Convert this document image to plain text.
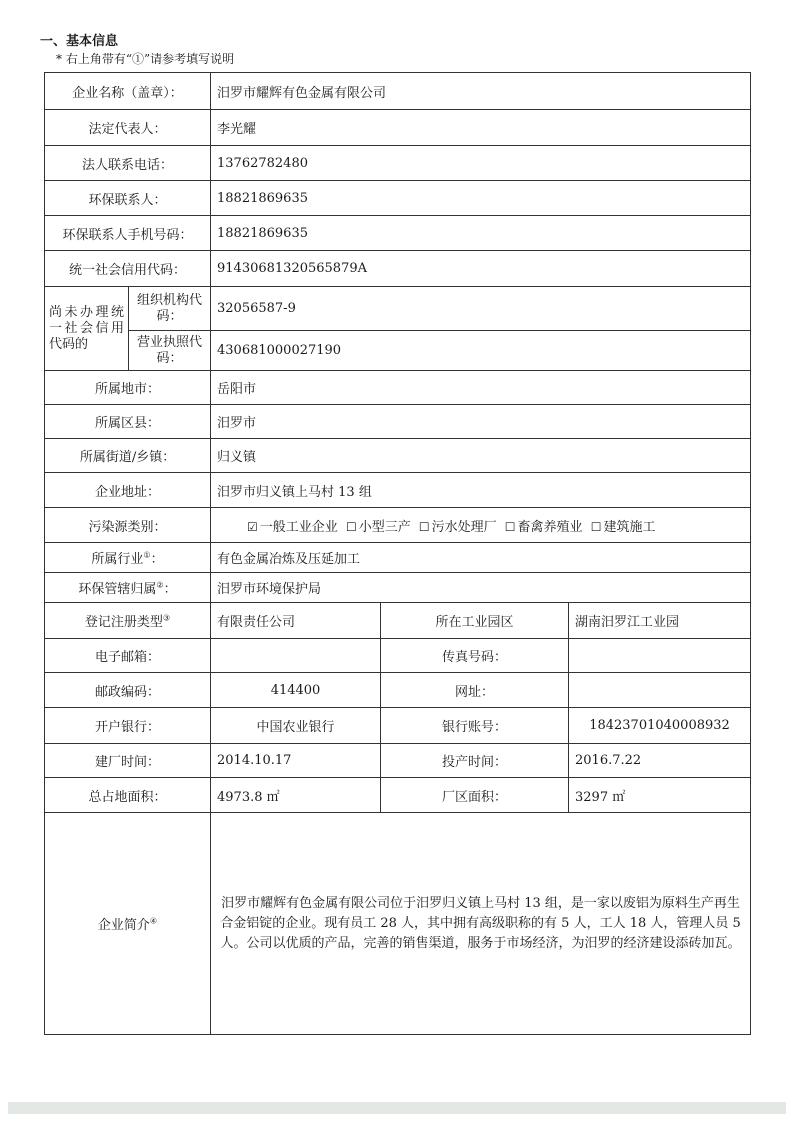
一、基本信息
* 右上角带有“①”请参考填写说明
企业名称（盖章）：		汨罗市耀辉有色金属有限公司		
法定代表人：		李光耀		
法人联系电话：		13762782480		
环保联系人：		18821869635		
环保联系人手机号码：		18821869635		
统一社会信用代码：		91430681320565879A		
尚未办理统一社会信用代码的	组织机构代码：	32056587-9		
	营业执照代码：	430681000027190		
所属地市：		岳阳市		
所属区县：		汨罗市		
所属街道/乡镇：		归义镇		
企业地址：		汨罗市归义镇上马村 13 组		
污染源类别：		☑ 一般工业企业 ☐ 小型三产 ☐ 污水处理厂 ☐ 畜禽养殖业 ☐ 建筑施工		
所属行业①：		有色金属冶炼及压延加工		
环保管辖归属②：		汨罗市环境保护局		
登记注册类型③		有限责任公司	所在工业园区	湖南汨罗江工业园
电子邮箱：			传真号码：	
邮政编码：		414400	网址：	
开户银行：		中国农业银行	银行账号：	18423701040008932
建厂时间：		2014.10.17	投产时间：	2016.7.22
总占地面积：		4973.8 ㎡	厂区面积：	3297 ㎡
企业简介④		汨罗市耀辉有色金属有限公司位于汨罗归义镇上马村 13 组，是一家以废铝为原料生产再生合金铝锭的企业。现有员工 28 人，其中拥有高级职称的有 5 人，工人 18 人，管理人员 5 人。公司以优质的产品，完善的销售渠道，服务于市场经济，为汨罗的经济建设添砖加瓦。		
